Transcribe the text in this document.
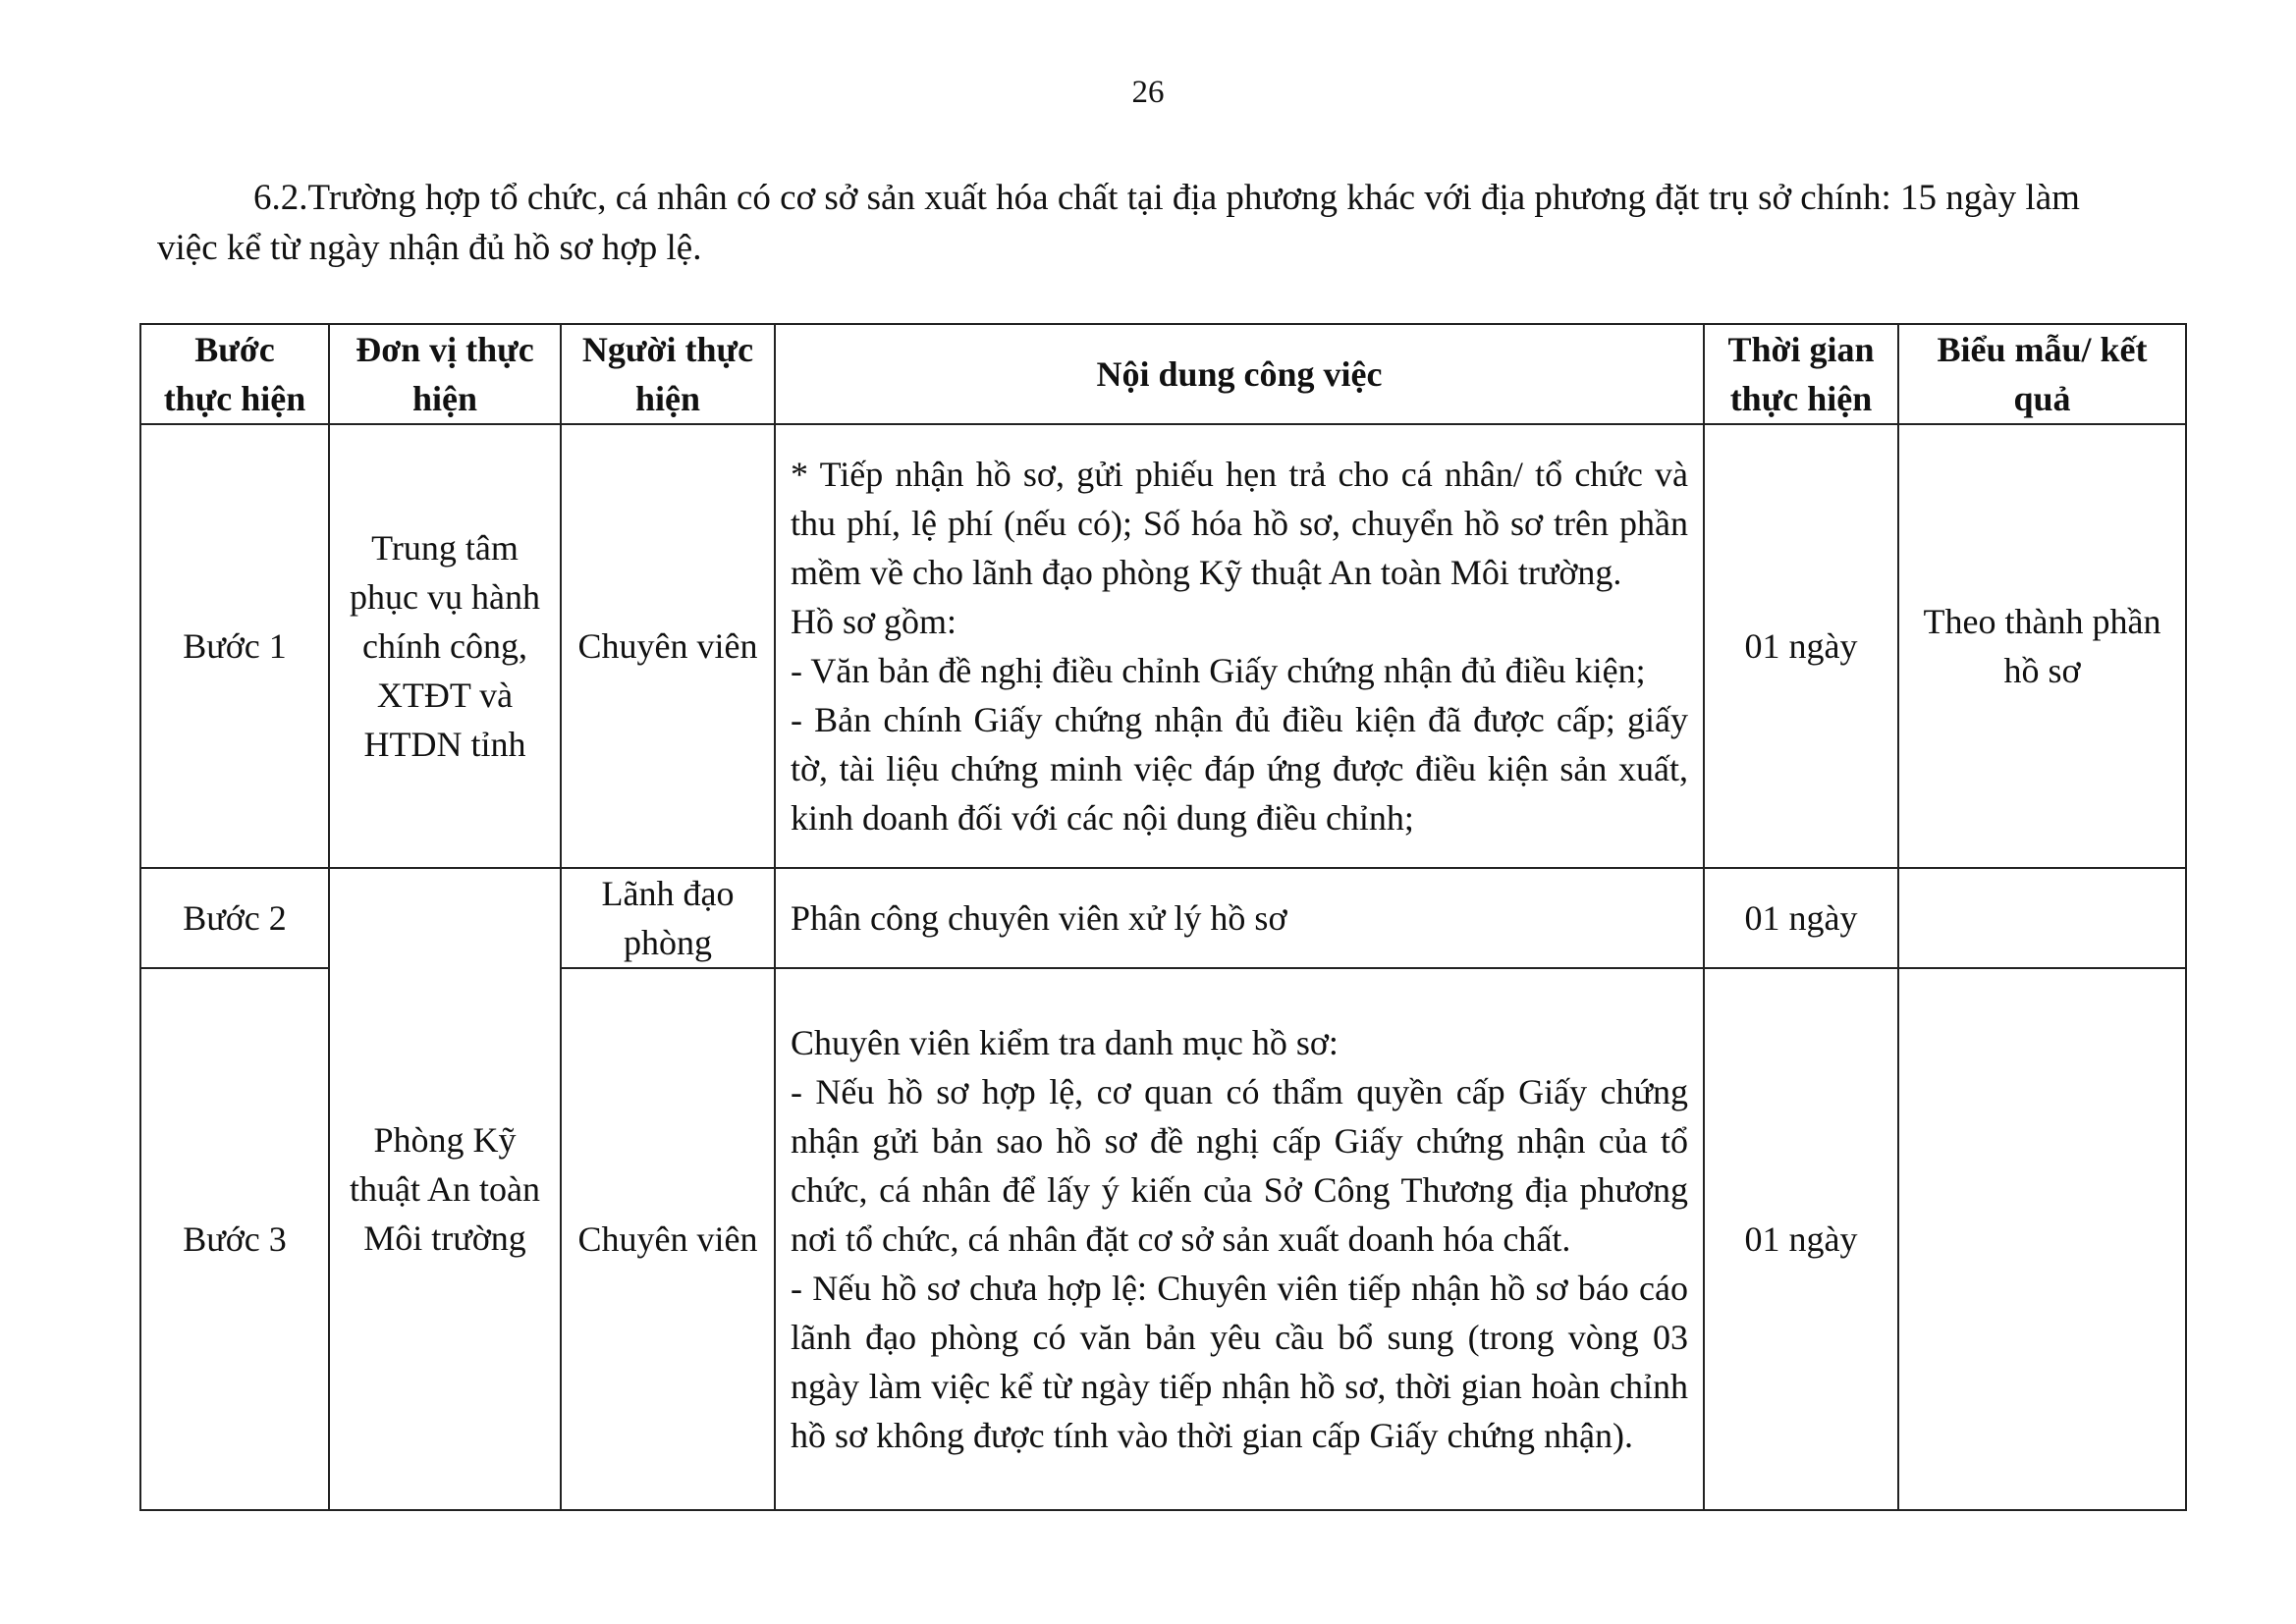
26

6.2.Trường hợp tổ chức, cá nhân có cơ sở sản xuất hóa chất tại địa phương khác với địa phương đặt trụ sở chính: 15 ngày làm việc kể từ ngày nhận đủ hồ sơ hợp lệ.

Bước thực hiện	Đơn vị thực hiện	Người thực hiện	Nội dung công việc	Thời gian thực hiện	Biểu mẫu/ kết quả
Bước 1	Trung tâm phục vụ hành chính công, XTĐT và HTDN tỉnh	Chuyên viên	* Tiếp nhận hồ sơ, gửi phiếu hẹn trả cho cá nhân/ tổ chức và thu phí, lệ phí (nếu có); Số hóa hồ sơ, chuyển hồ sơ trên phần mềm về cho lãnh đạo phòng Kỹ thuật An toàn Môi trường.
Hồ sơ gồm:
- Văn bản đề nghị điều chỉnh Giấy chứng nhận đủ điều kiện;
- Bản chính Giấy chứng nhận đủ điều kiện đã được cấp; giấy tờ, tài liệu chứng minh việc đáp ứng được điều kiện sản xuất, kinh doanh đối với các nội dung điều chỉnh;	01 ngày	Theo thành phần hồ sơ
Bước 2	Phòng Kỹ thuật An toàn Môi trường	Lãnh đạo phòng	Phân công chuyên viên xử lý hồ sơ	01 ngày	
Bước 3		Chuyên viên	Chuyên viên kiểm tra danh mục hồ sơ:
- Nếu hồ sơ hợp lệ, cơ quan có thẩm quyền cấp Giấy chứng nhận gửi bản sao hồ sơ đề nghị cấp Giấy chứng nhận của tổ chức, cá nhân để lấy ý kiến của Sở Công Thương địa phương nơi tổ chức, cá nhân đặt cơ sở sản xuất doanh hóa chất.
- Nếu hồ sơ chưa hợp lệ: Chuyên viên tiếp nhận hồ sơ báo cáo lãnh đạo phòng có văn bản yêu cầu bổ sung (trong vòng 03 ngày làm việc kể từ ngày tiếp nhận hồ sơ, thời gian hoàn chỉnh hồ sơ không được tính vào thời gian cấp Giấy chứng nhận).	01 ngày	
